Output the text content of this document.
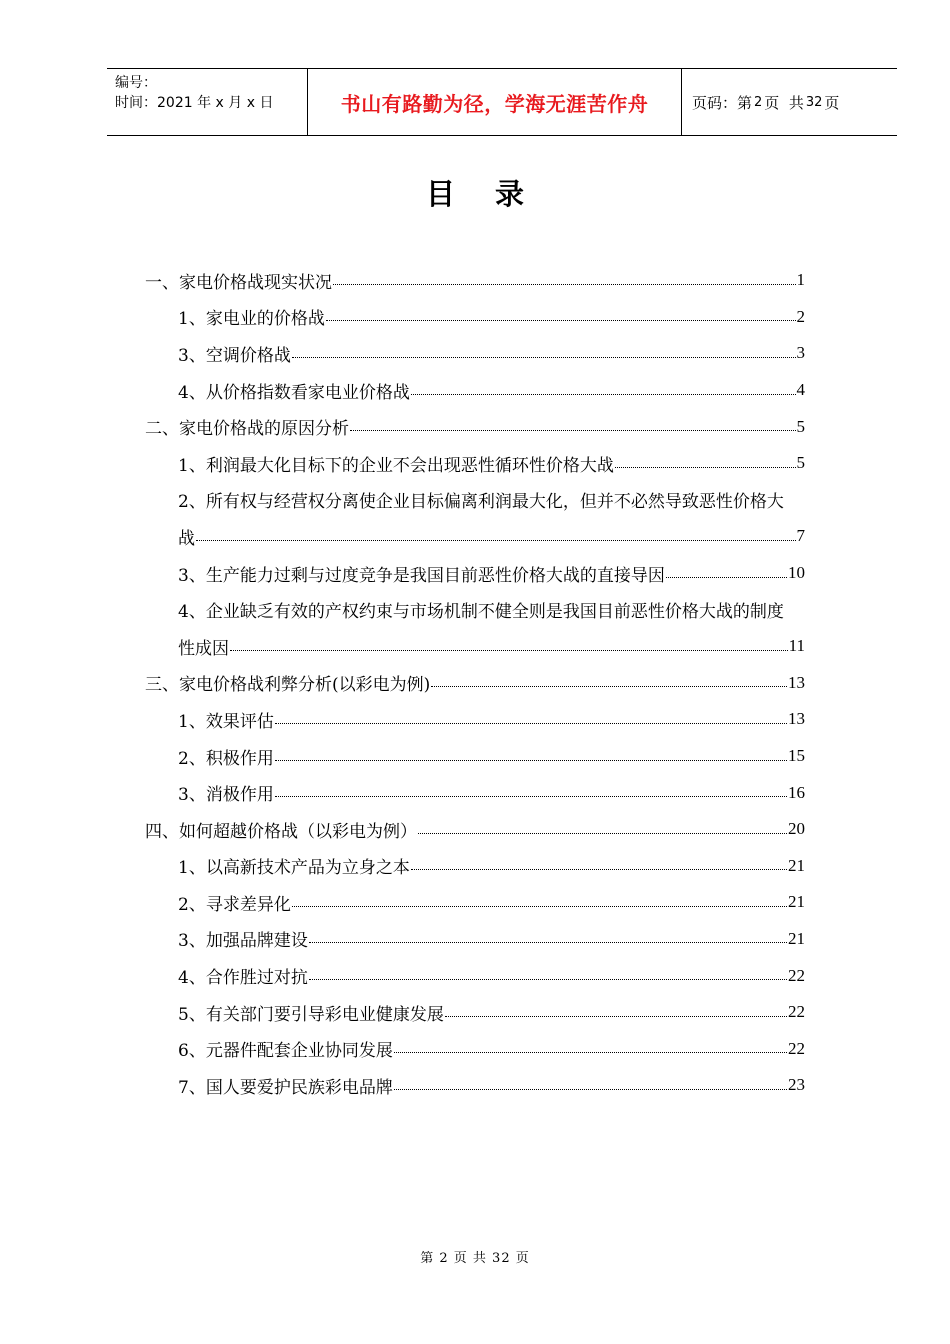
编号：
时间：2021 年 x 月 x 日	书山有路勤为径，学海无涯苦作舟	页码：第 2 页  共 32 页
目录
一、家电价格战现实状况	1
1、家电业的价格战	2
3、空调价格战	3
4、从价格指数看家电业价格战	4
二、家电价格战的原因分析	5
1、利润最大化目标下的企业不会出现恶性循环性价格大战	5
2、所有权与经营权分离使企业目标偏离利润最大化，但并不必然导致恶性价格大
战	7
3、生产能力过剩与过度竞争是我国目前恶性价格大战的直接导因	10
4、企业缺乏有效的产权约束与市场机制不健全则是我国目前恶性价格大战的制度
性成因	11
三、家电价格战利弊分析(以彩电为例)	13
1、效果评估	13
2、积极作用	15
3、消极作用	16
四、如何超越价格战（以彩电为例）	20
1、以高新技术产品为立身之本	21
2、寻求差异化	21
3、加强品牌建设	21
4、合作胜过对抗	22
5、有关部门要引导彩电业健康发展	22
6、元器件配套企业协同发展	22
7、国人要爱护民族彩电品牌	23
第 2 页 共 32 页
